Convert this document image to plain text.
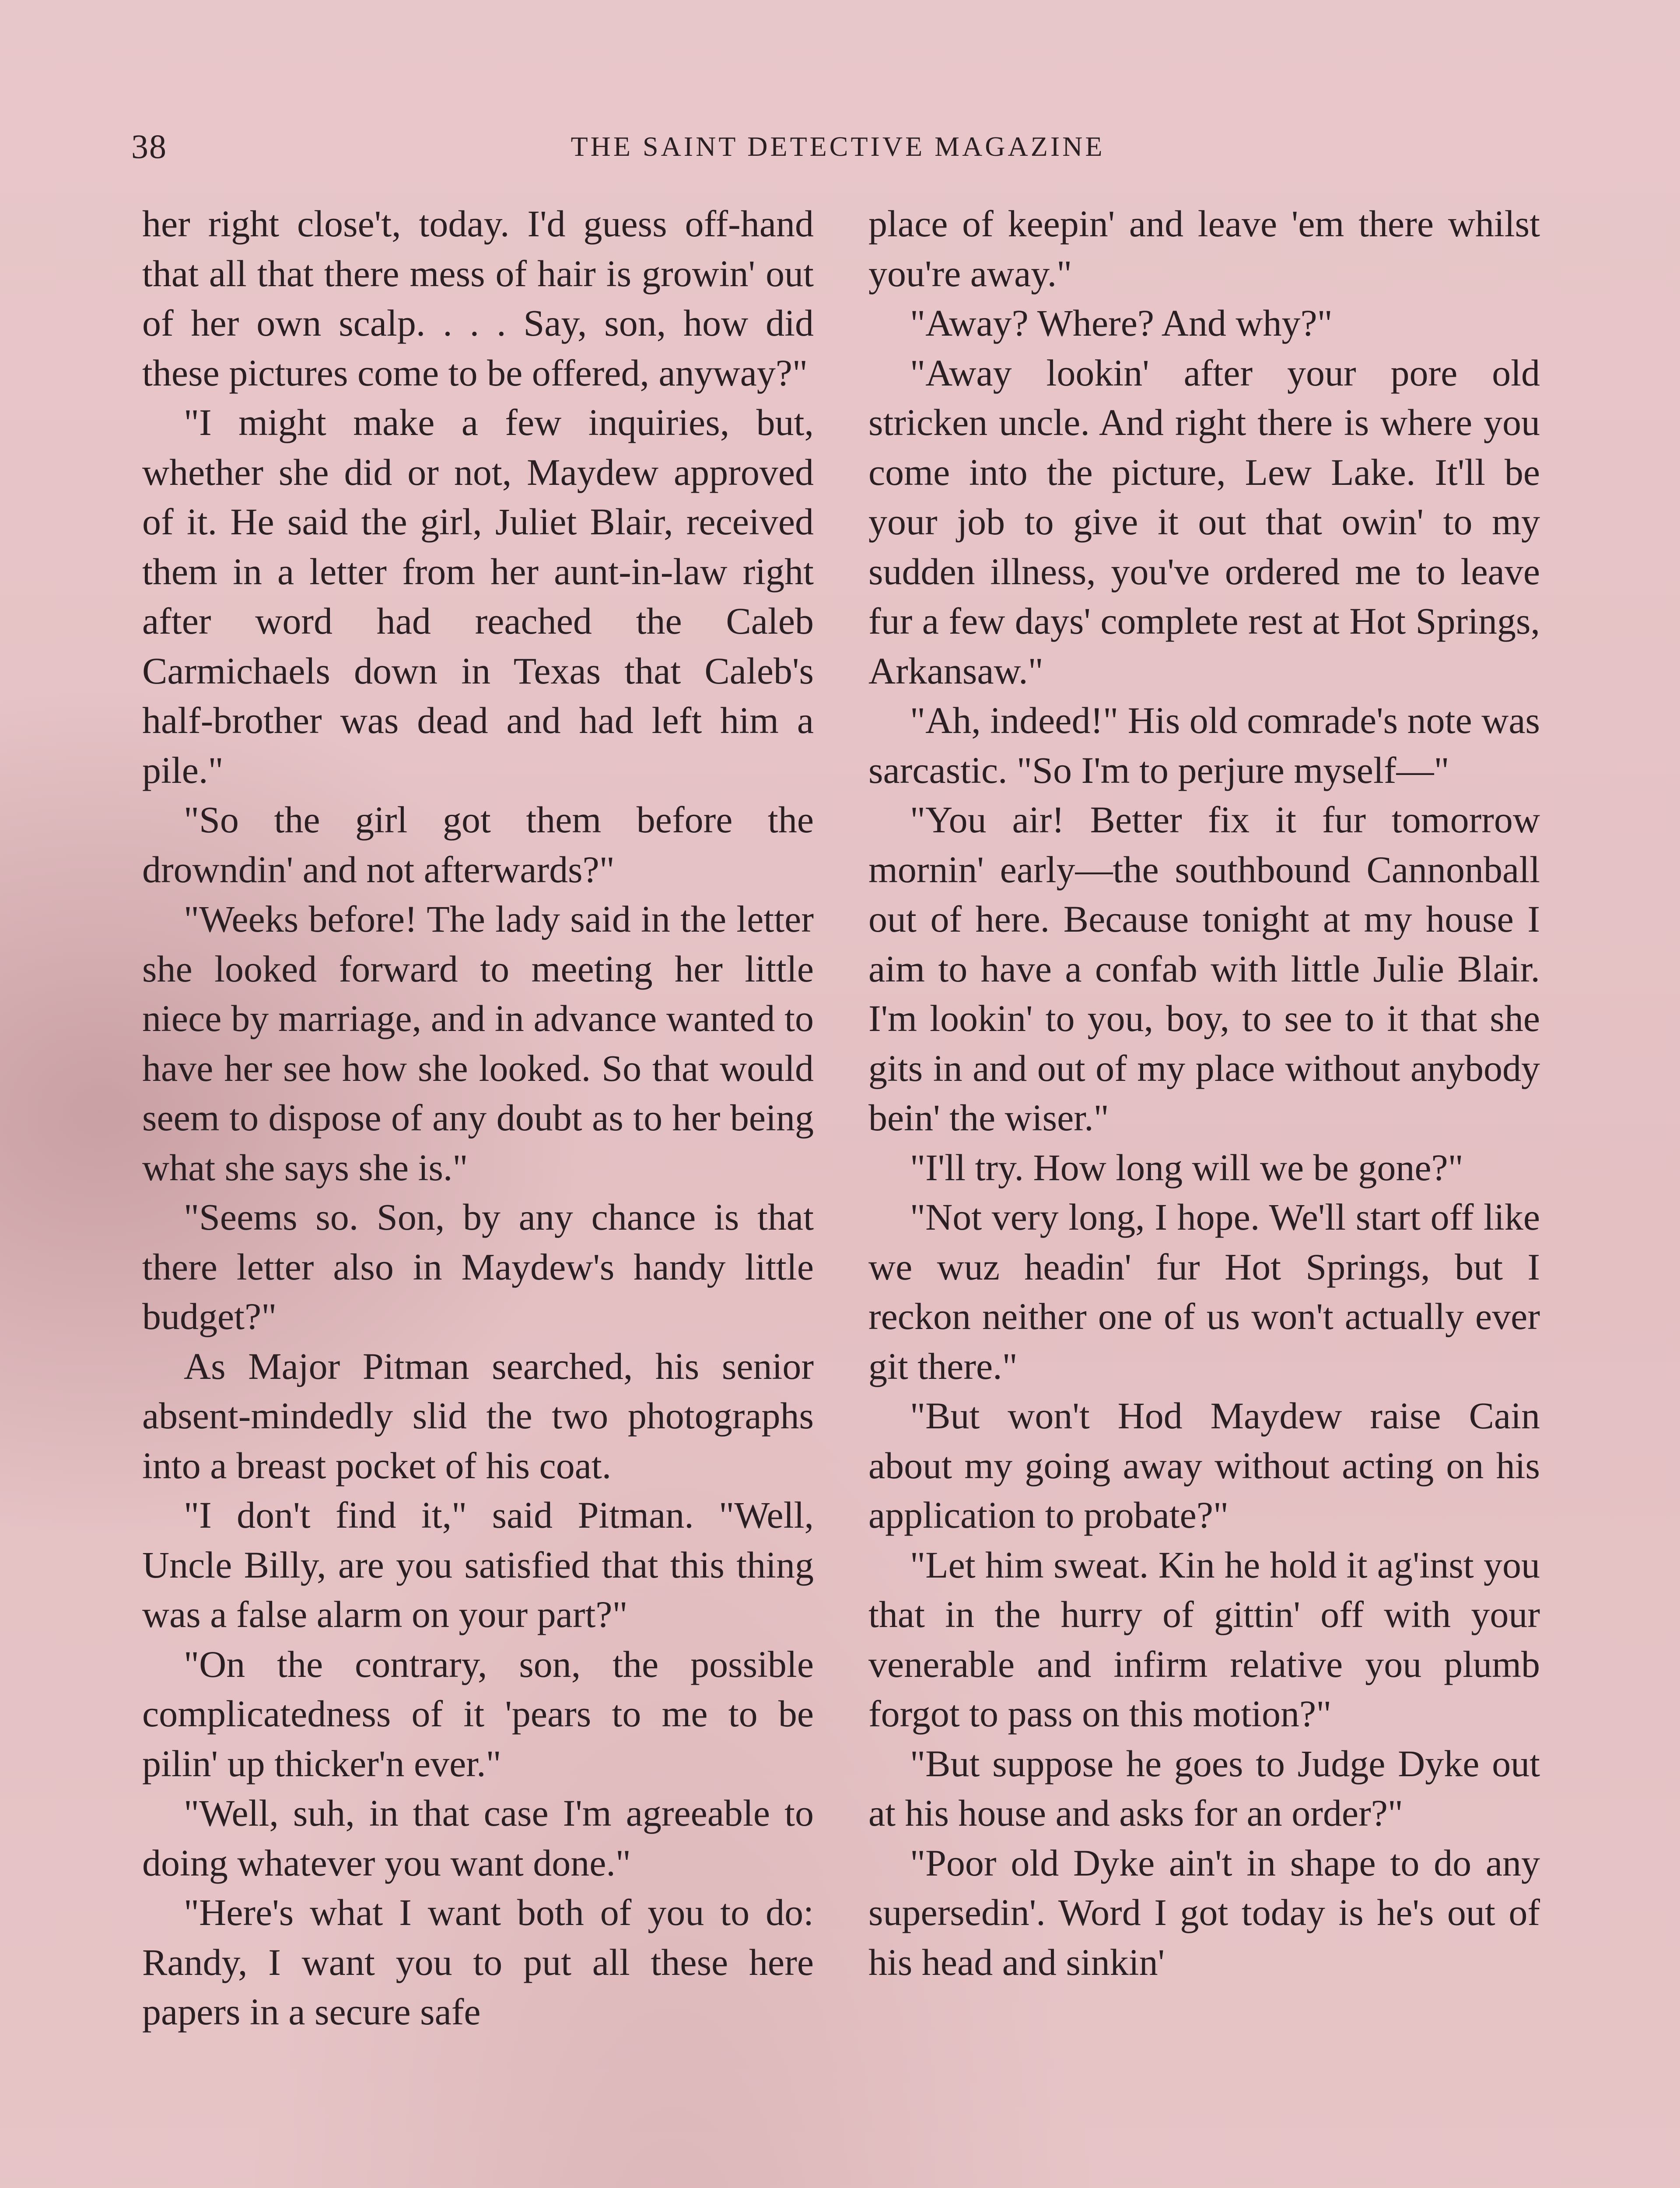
38	THE SAINT DETECTIVE MAGAZINE

her right close't, today. I'd guess off-hand that all that there mess of hair is growin' out of her own scalp. . . . Say, son, how did these pictures come to be offered, anyway?"

"I might make a few inquiries, but, whether she did or not, Maydew approved of it. He said the girl, Juliet Blair, received them in a letter from her aunt-in-law right after word had reached the Caleb Carmichaels down in Texas that Caleb's half-brother was dead and had left him a pile."

"So the girl got them before the drowndin' and not afterwards?"

"Weeks before! The lady said in the letter she looked forward to meeting her little niece by marriage, and in advance wanted to have her see how she looked. So that would seem to dispose of any doubt as to her being what she says she is."

"Seems so. Son, by any chance is that there letter also in Maydew's handy little budget?"

As Major Pitman searched, his senior absent-mindedly slid the two photographs into a breast pocket of his coat.

"I don't find it," said Pitman. "Well, Uncle Billy, are you satisfied that this thing was a false alarm on your part?"

"On the contrary, son, the possible complicatedness of it 'pears to me to be pilin' up thicker'n ever."

"Well, suh, in that case I'm agreeable to doing whatever you want done."

"Here's what I want both of you to do: Randy, I want you to put all these here papers in a secure safe

place of keepin' and leave 'em there whilst you're away."

"Away? Where? And why?"

"Away lookin' after your pore old stricken uncle. And right there is where you come into the picture, Lew Lake. It'll be your job to give it out that owin' to my sudden illness, you've ordered me to leave fur a few days' complete rest at Hot Springs, Arkansaw."

"Ah, indeed!" His old comrade's note was sarcastic. "So I'm to perjure myself—"

"You air! Better fix it fur tomorrow mornin' early—the southbound Cannonball out of here. Because tonight at my house I aim to have a confab with little Julie Blair. I'm lookin' to you, boy, to see to it that she gits in and out of my place without anybody bein' the wiser."

"I'll try. How long will we be gone?"

"Not very long, I hope. We'll start off like we wuz headin' fur Hot Springs, but I reckon neither one of us won't actually ever git there."

"But won't Hod Maydew raise Cain about my going away without acting on his application to probate?"

"Let him sweat. Kin he hold it ag'inst you that in the hurry of gittin' off with your venerable and infirm relative you plumb forgot to pass on this motion?"

"But suppose he goes to Judge Dyke out at his house and asks for an order?"

"Poor old Dyke ain't in shape to do any supersedin'. Word I got today is he's out of his head and sinkin'
